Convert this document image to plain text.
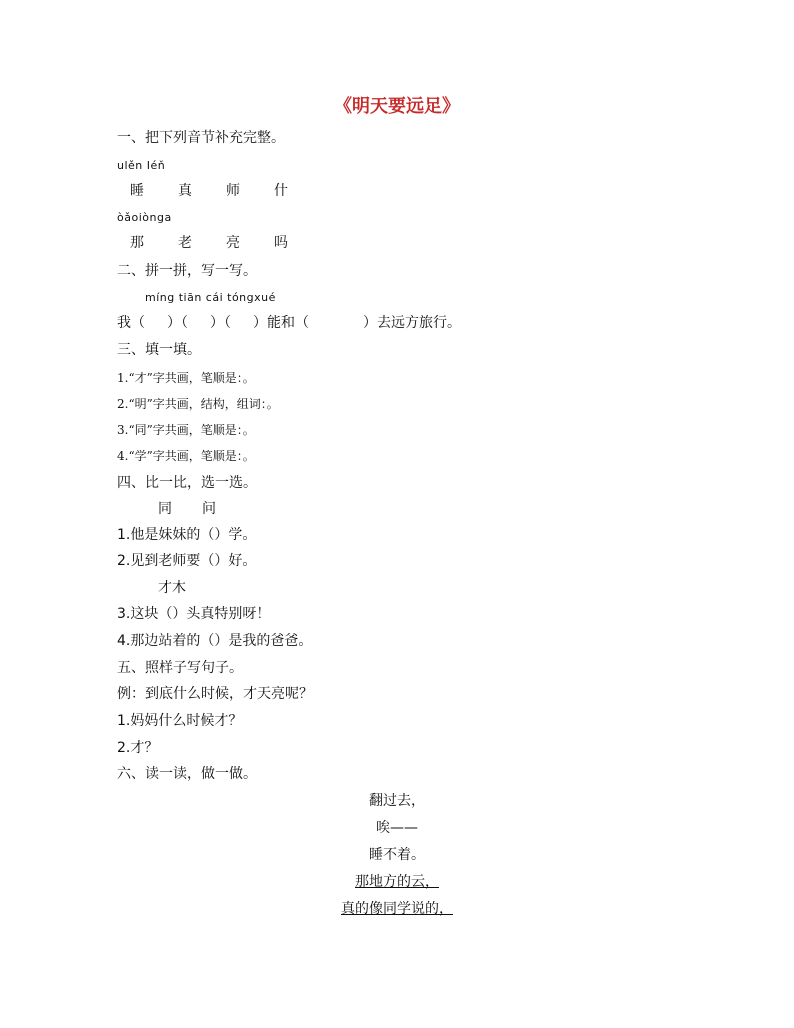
《明天要远足》
一、把下列音节补充完整。
ulěn Iéň
睡 真 师 什
òǎoiònga
那 老 亮 吗
二、拼一拼，写一写。
míng tiān cái tóngxué
我（ ）（ ）（ ）能和（	）去远方旅行。
三、填一填。
1.“才”字共画，笔顺是：。
2.“明”字共画，结构，组词：。
3.“同”字共画，笔顺是：。
4.“学”字共画，笔顺是：。
四、比一比，选一选。
同 问
1.他是妹妹的（）学。
2.见到老师要（）好。
才木
3.这块（）头真特别呀！
4.那边站着的（）是我的爸爸。
五、照样子写句子。
例：到底什么时候，才天亮呢？
1.妈妈什么时候才？
2.才？
六、读一读，做一做。
翻过去，
唉——
睡不着。
那地方的云，
真的像同学说的，
